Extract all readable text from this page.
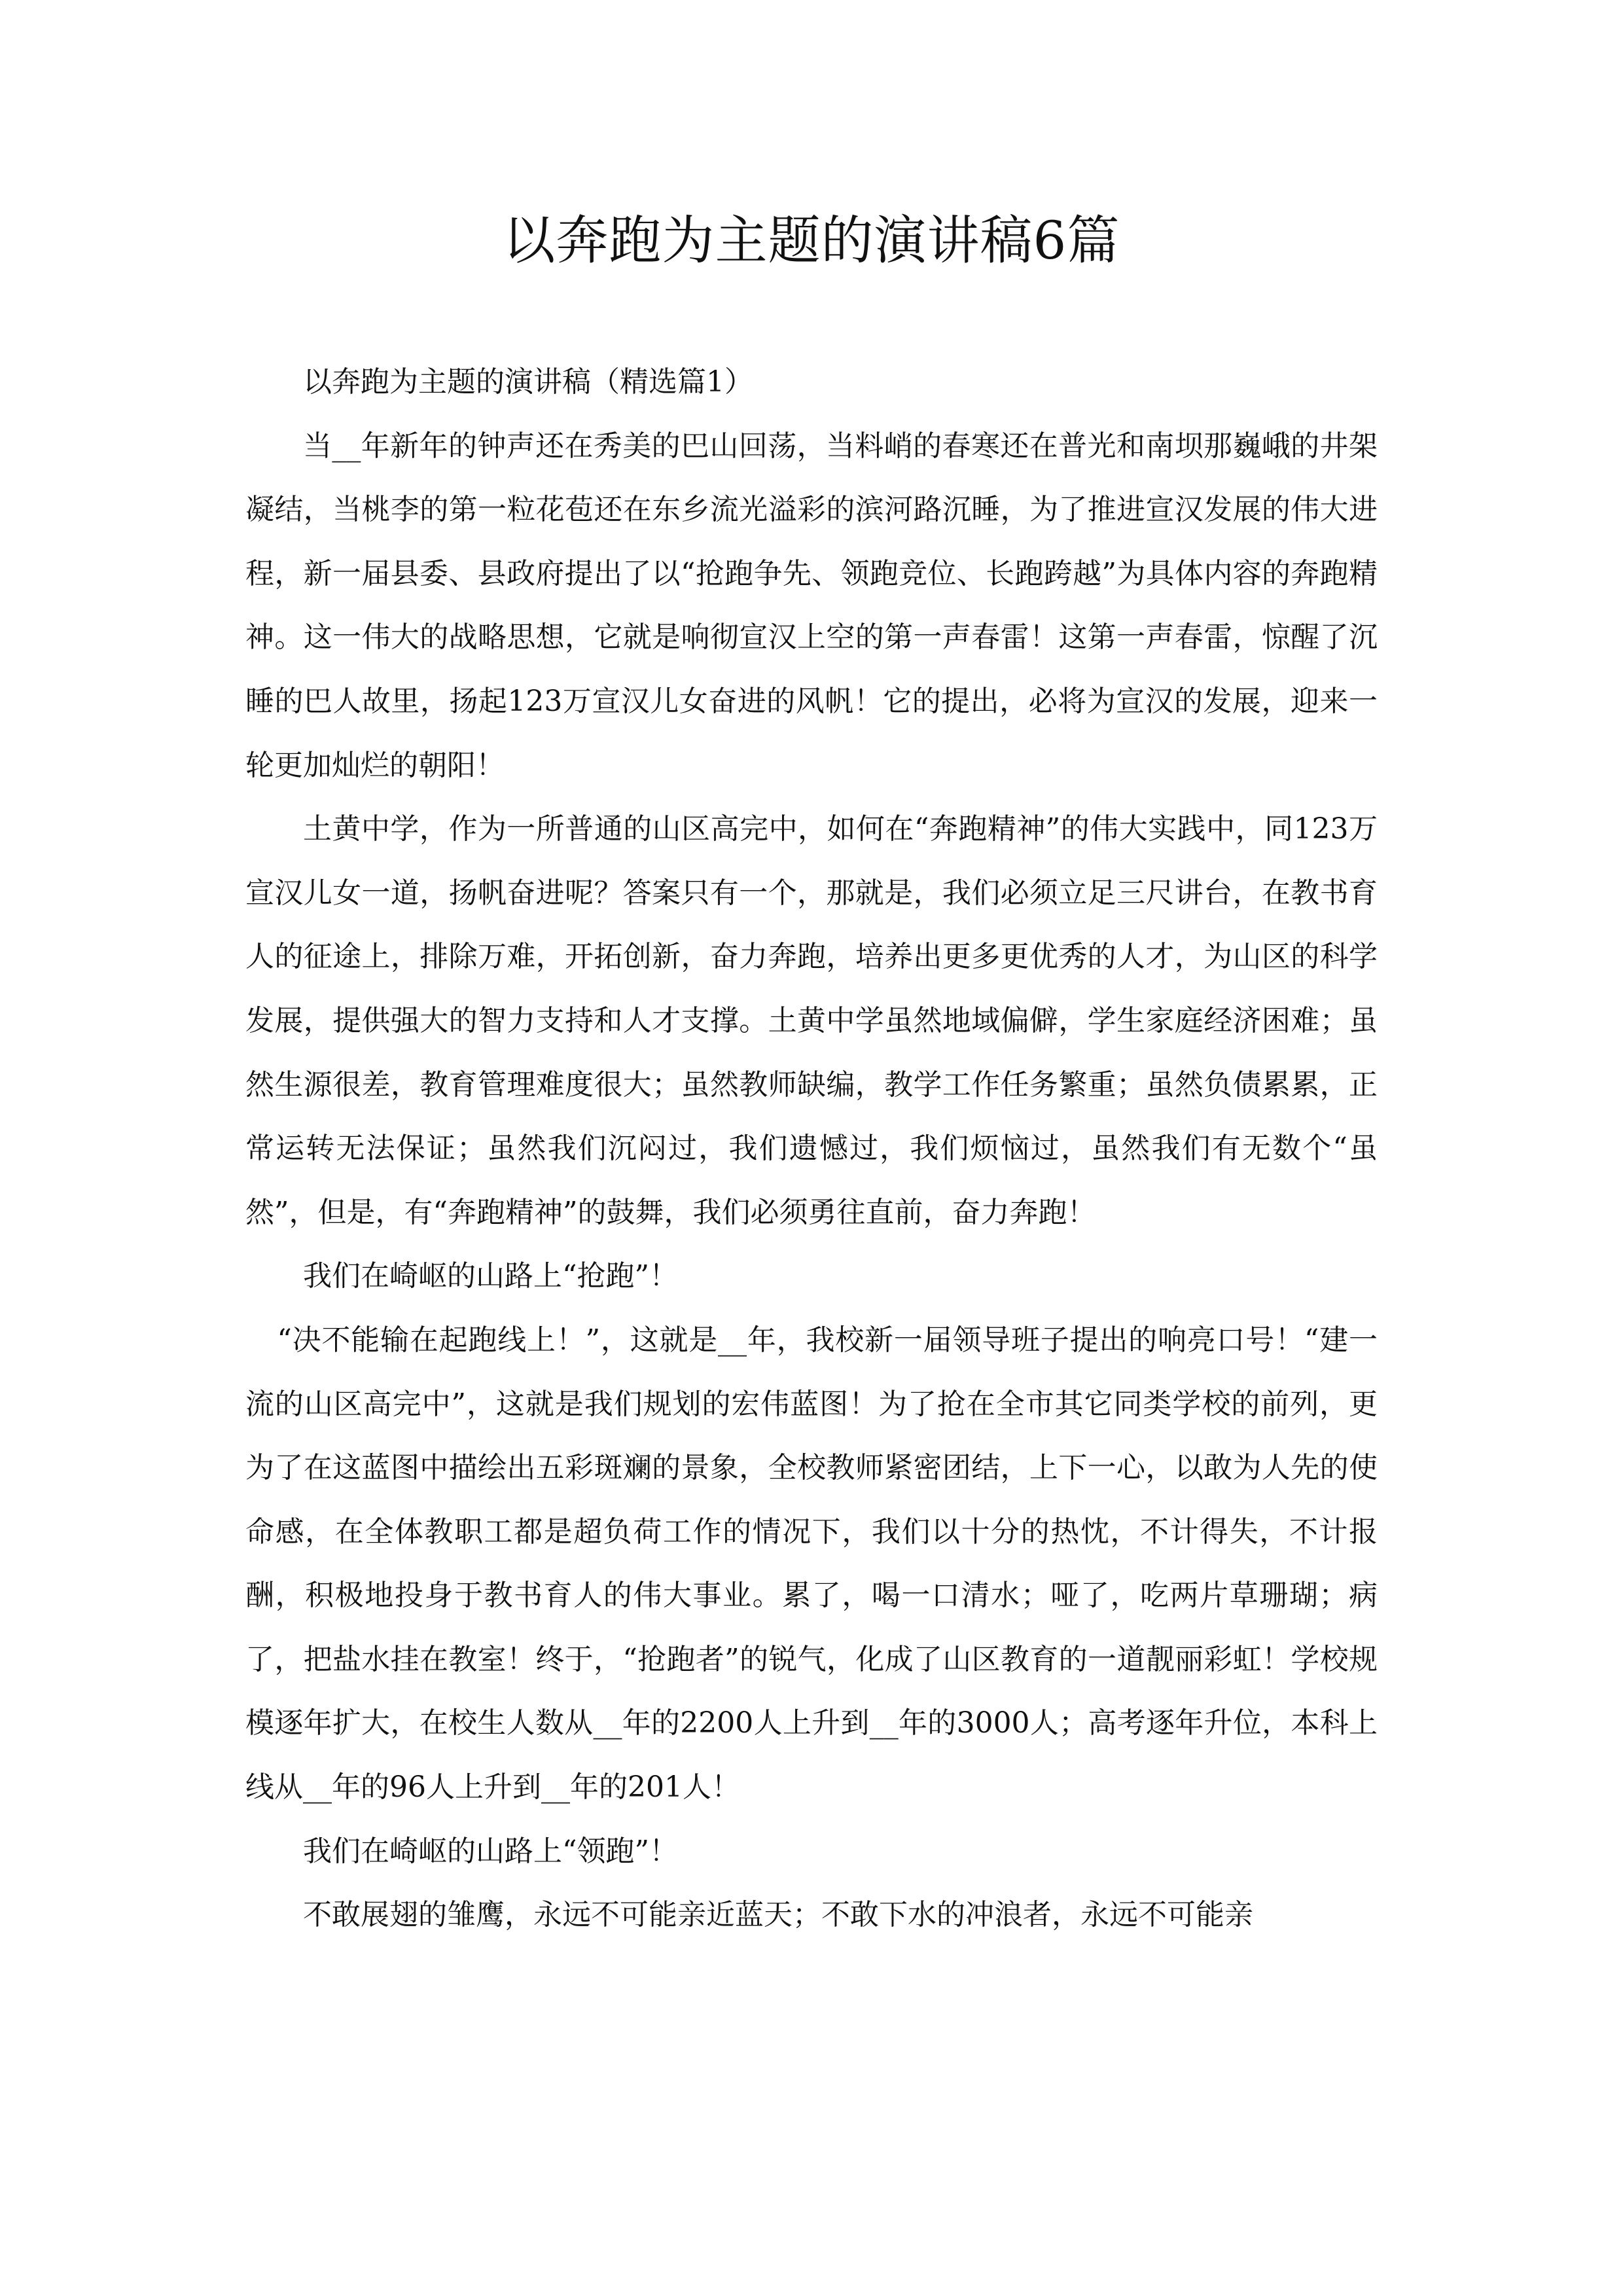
以奔跑为主题的演讲稿6篇

以奔跑为主题的演讲稿（精选篇1）

当__年新年的钟声还在秀美的巴山回荡，当料峭的春寒还在普光和南坝那巍峨的井架凝结，当桃李的第一粒花苞还在东乡流光溢彩的滨河路沉睡，为了推进宣汉发展的伟大进程，新一届县委、县政府提出了以“抢跑争先、领跑竞位、长跑跨越”为具体内容的奔跑精神。这一伟大的战略思想，它就是响彻宣汉上空的第一声春雷！这第一声春雷，惊醒了沉睡的巴人故里，扬起123万宣汉儿女奋进的风帆！它的提出，必将为宣汉的发展，迎来一轮更加灿烂的朝阳！

土黄中学，作为一所普通的山区高完中，如何在“奔跑精神”的伟大实践中，同123万宣汉儿女一道，扬帆奋进呢？答案只有一个，那就是，我们必须立足三尺讲台，在教书育人的征途上，排除万难，开拓创新，奋力奔跑，培养出更多更优秀的人才，为山区的科学发展，提供强大的智力支持和人才支撑。土黄中学虽然地域偏僻，学生家庭经济困难；虽然生源很差，教育管理难度很大；虽然教师缺编，教学工作任务繁重；虽然负债累累，正常运转无法保证；虽然我们沉闷过，我们遗憾过，我们烦恼过，虽然我们有无数个“虽然”，但是，有“奔跑精神”的鼓舞，我们必须勇往直前，奋力奔跑！

我们在崎岖的山路上“抢跑”！

“决不能输在起跑线上！”，这就是__年，我校新一届领导班子提出的响亮口号！“建一流的山区高完中”，这就是我们规划的宏伟蓝图！为了抢在全市其它同类学校的前列，更为了在这蓝图中描绘出五彩斑斓的景象，全校教师紧密团结，上下一心，以敢为人先的使命感，在全体教职工都是超负荷工作的情况下，我们以十分的热忱，不计得失，不计报酬，积极地投身于教书育人的伟大事业。累了，喝一口清水；哑了，吃两片草珊瑚；病了，把盐水挂在教室！终于，“抢跑者”的锐气，化成了山区教育的一道靓丽彩虹！学校规模逐年扩大，在校生人数从__年的2200人上升到__年的3000人；高考逐年升位，本科上线从__年的96人上升到__年的201人！

我们在崎岖的山路上“领跑”！

不敢展翅的雏鹰，永远不可能亲近蓝天；不敢下水的冲浪者，永远不可能亲
